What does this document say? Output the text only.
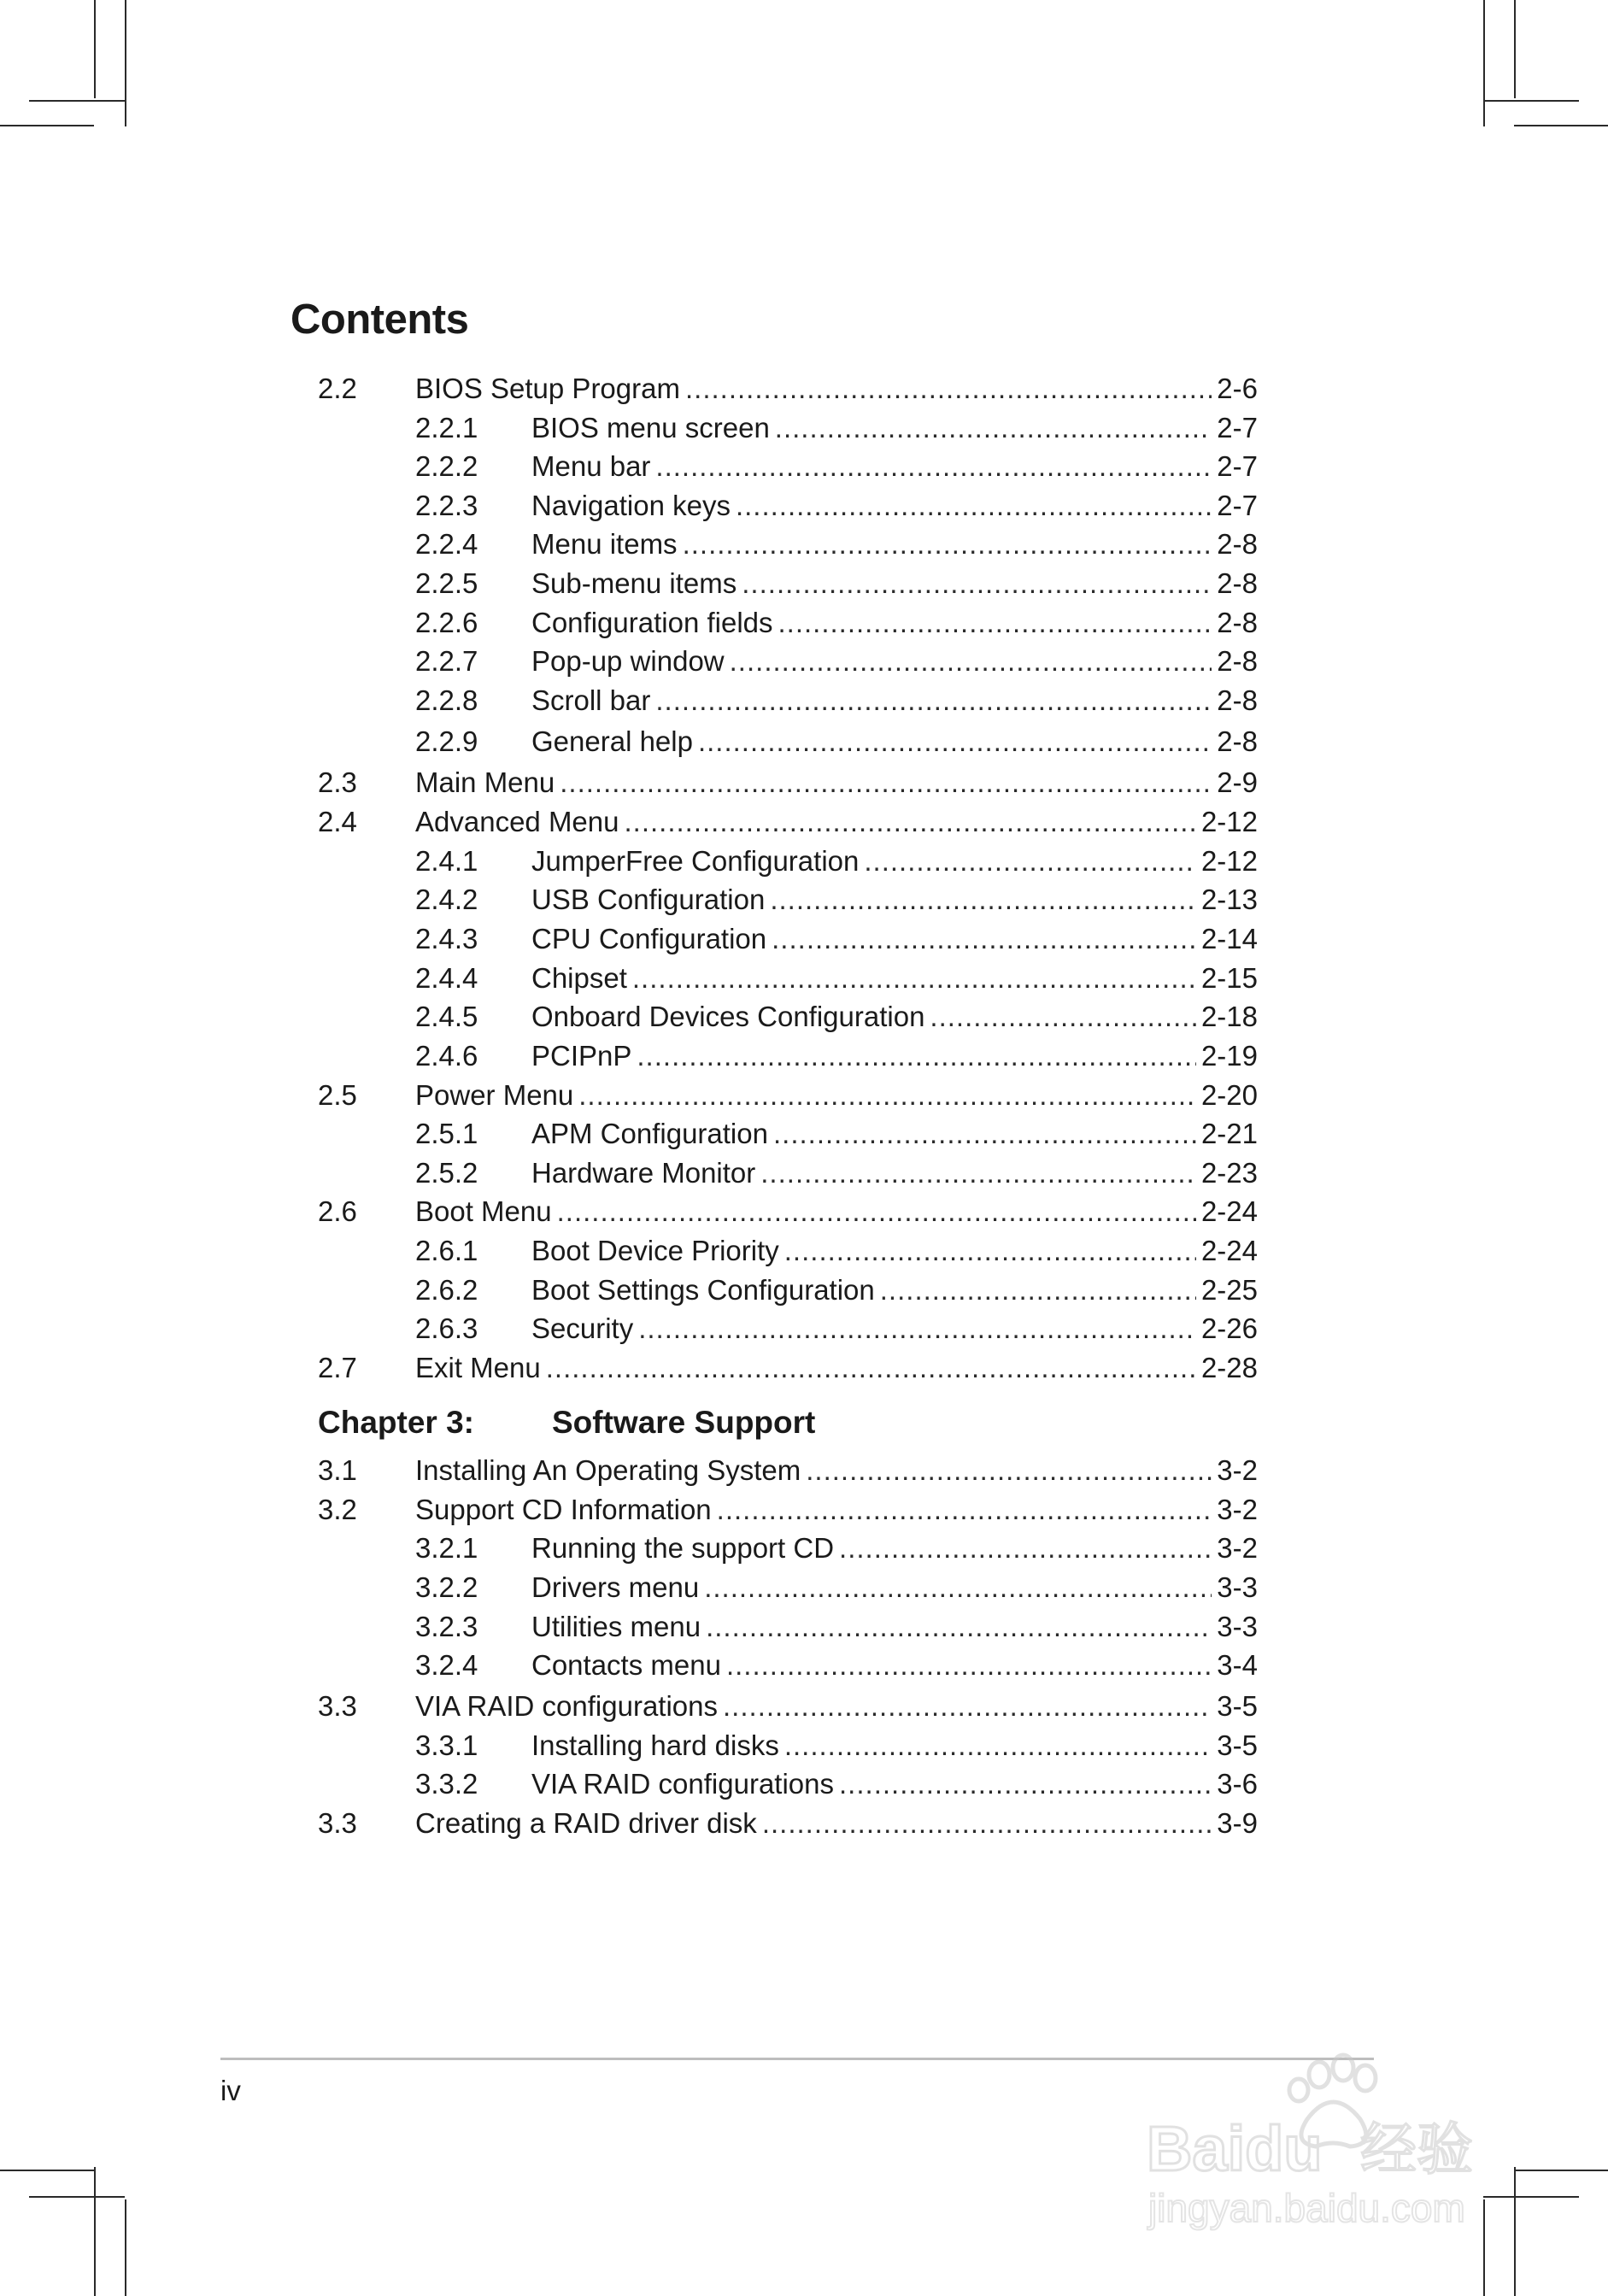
Contents
2.2 BIOS Setup Program .....	2-6
2.2.1 BIOS menu screen .....	2-7
2.2.2 Menu bar .....	2-7
2.2.3 Navigation keys .....	2-7
2.2.4 Menu items .....	2-8
2.2.5 Sub-menu items .....	2-8
2.2.6 Configuration fields .....	2-8
2.2.7 Pop-up window .....	2-8
2.2.8 Scroll bar .....	2-8
2.2.9 General help .....	2-8
2.3 Main Menu .....	2-9
2.4 Advanced Menu .....	2-12
2.4.1 JumperFree Configuration .....	2-12
2.4.2 USB Configuration .....	2-13
2.4.3 CPU Configuration .....	2-14
2.4.4 Chipset .....	2-15
2.4.5 Onboard Devices Configuration .....	2-18
2.4.6 PCIPnP .....	2-19
2.5 Power Menu .....	2-20
2.5.1 APM Configuration .....	2-21
2.5.2 Hardware Monitor .....	2-23
2.6 Boot Menu .....	2-24
2.6.1 Boot Device Priority .....	2-24
2.6.2 Boot Settings Configuration .....	2-25
2.6.3 Security .....	2-26
2.7 Exit Menu .....	2-28
Chapter 3: Software Support
3.1 Installing An Operating System .....	3-2
3.2 Support CD Information .....	3-2
3.2.1 Running the support CD .....	3-2
3.2.2 Drivers menu .....	3-3
3.2.3 Utilities menu .....	3-3
3.2.4 Contacts menu .....	3-4
3.3 VIA RAID configurations .....	3-5
3.3.1 Installing hard disks .....	3-5
3.3.2 VIA RAID configurations .....	3-6
3.3 Creating a RAID driver disk .....	3-9
iv
Baidu 经验
jingyan.baidu.com
